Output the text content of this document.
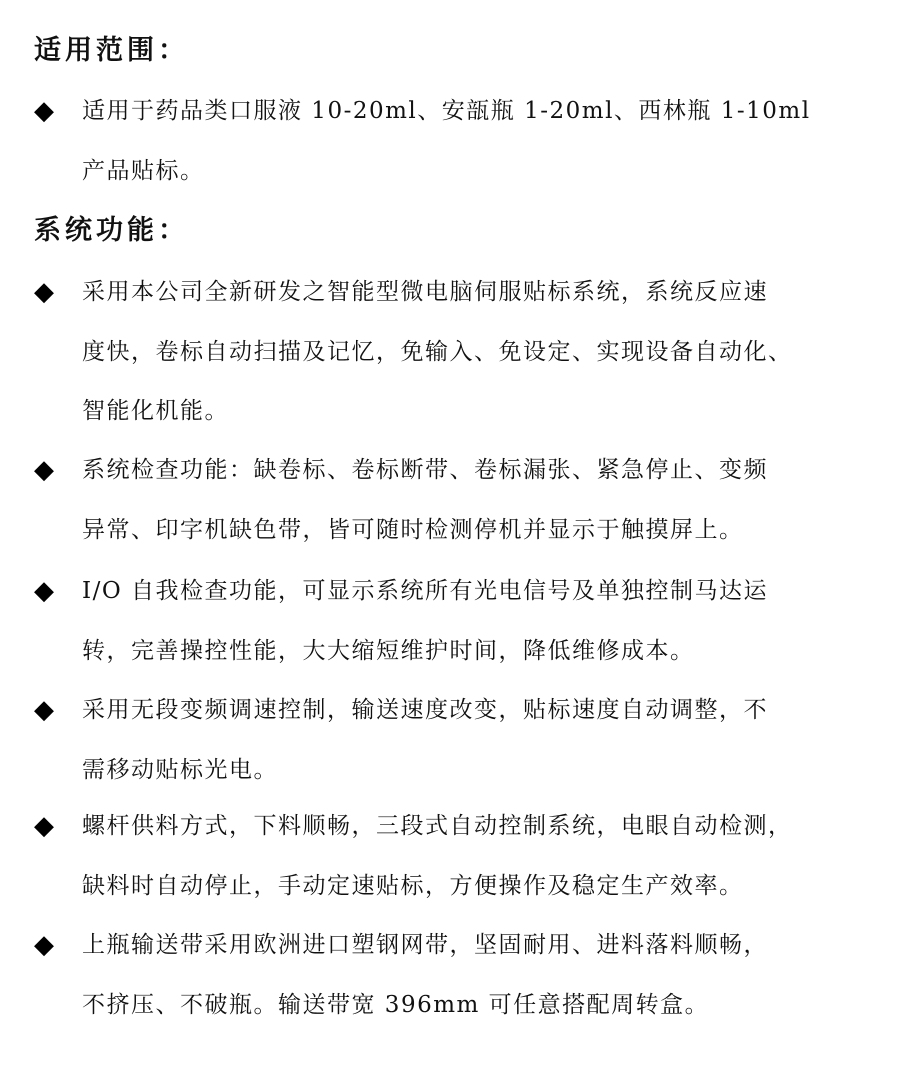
适用范围：
◆ 适用于药品类口服液 10-20ml、安瓿瓶 1-20ml、西林瓶 1-10ml
产品贴标。
系统功能：
◆ 采用本公司全新研发之智能型微电脑伺服贴标系统，系统反应速
度快，卷标自动扫描及记忆，免输入、免设定、实现设备自动化、
智能化机能。
◆ 系统检查功能：缺卷标、卷标断带、卷标漏张、紧急停止、变频
异常、印字机缺色带，皆可随时检测停机并显示于触摸屏上。
◆ I/O 自我检查功能，可显示系统所有光电信号及单独控制马达运
转，完善操控性能，大大缩短维护时间，降低维修成本。
◆ 采用无段变频调速控制，输送速度改变，贴标速度自动调整，不
需移动贴标光电。
◆ 螺杆供料方式，下料顺畅，三段式自动控制系统，电眼自动检测，
缺料时自动停止，手动定速贴标，方便操作及稳定生产效率。
◆ 上瓶输送带采用欧洲进口塑钢网带，坚固耐用、进料落料顺畅，
不挤压、不破瓶。输送带宽 396mm 可任意搭配周转盒。
